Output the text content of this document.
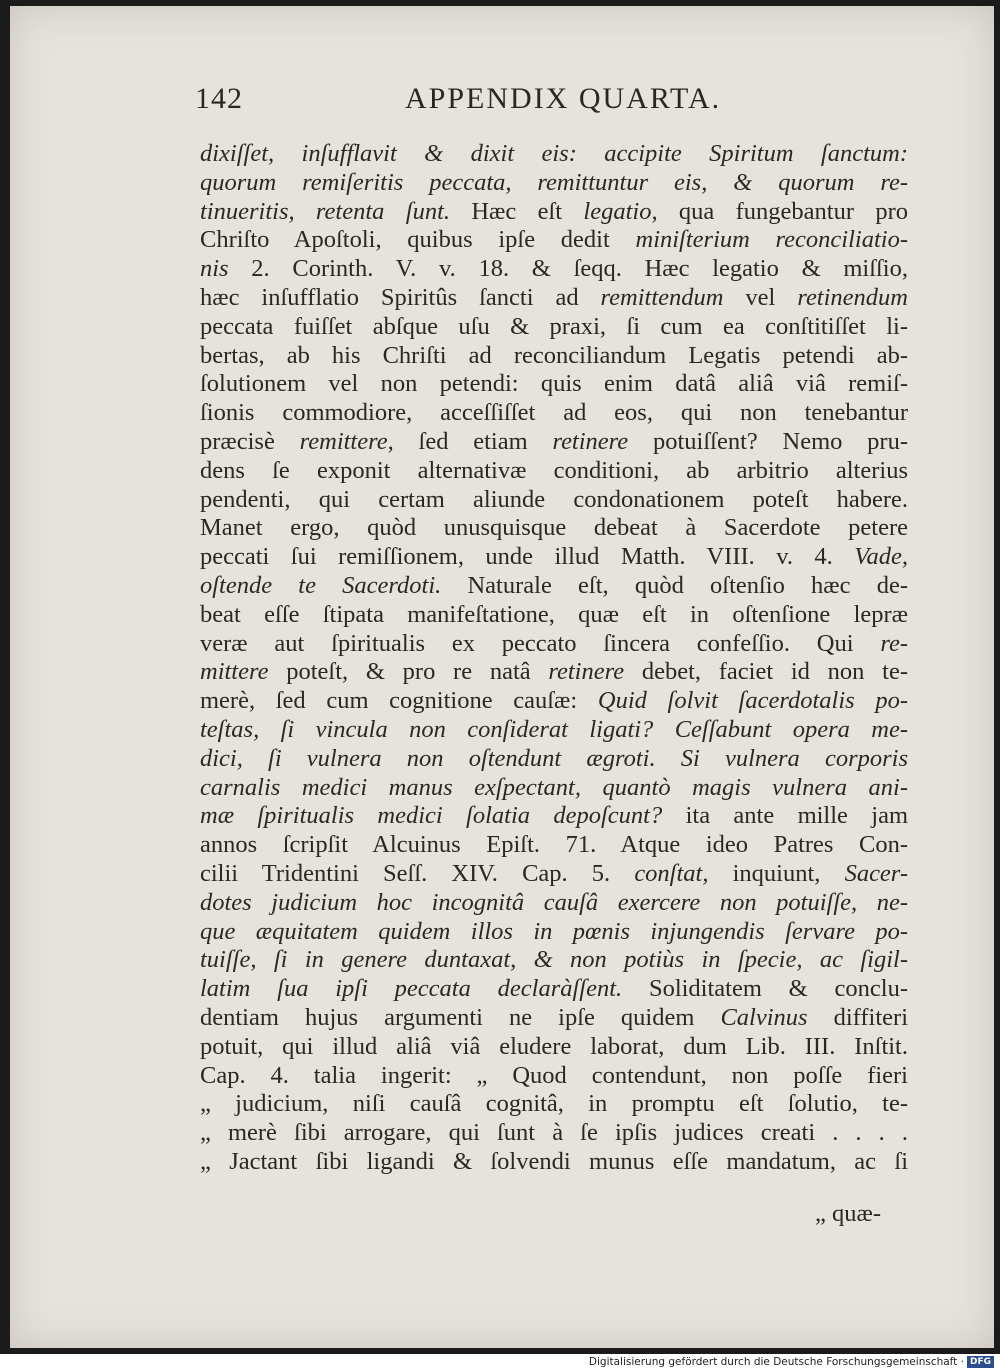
142	APPENDIX QUARTA.
dixiſſet, inſufflavit & dixit eis: accipite Spiritum ſanctum:
quorum remiſeritis peccata, remittuntur eis, & quorum re-
tinueritis, retenta ſunt. Hæc eſt legatio, qua fungebantur pro
Chriſto Apoſtoli, quibus ipſe dedit miniſterium reconciliatio-
nis 2. Corinth. V. v. 18. & ſeqq. Hæc legatio & miſſio,
hæc inſufflatio Spiritûs ſancti ad remittendum vel retinendum
peccata fuiſſet abſque uſu & praxi, ſi cum ea conſtitiſſet li-
bertas, ab his Chriſti ad reconciliandum Legatis petendi ab-
ſolutionem vel non petendi: quis enim datâ aliâ viâ remiſ-
ſionis commodiore, acceſſiſſet ad eos, qui non tenebantur
præcisè remittere, ſed etiam retinere potuiſſent? Nemo pru-
dens ſe exponit alternativæ conditioni, ab arbitrio alterius
pendenti, qui certam aliunde condonationem poteſt habere.
Manet ergo, quòd unusquisque debeat à Sacerdote petere
peccati ſui remiſſionem, unde illud Matth. VIII. v. 4. Vade,
oſtende te Sacerdoti. Naturale eſt, quòd oſtenſio hæc de-
beat eſſe ſtipata manifeſtatione, quæ eſt in oſtenſione lepræ
veræ aut ſpiritualis ex peccato ſincera confeſſio. Qui re-
mittere poteſt, & pro re natâ retinere debet, faciet id non te-
merè, ſed cum cognitione cauſæ: Quid ſolvit ſacerdotalis po-
teſtas, ſi vincula non conſiderat ligati? Ceſſabunt opera me-
dici, ſi vulnera non oſtendunt ægroti. Si vulnera corporis
carnalis medici manus exſpectant, quantò magis vulnera ani-
mæ ſpiritualis medici ſolatia depoſcunt? ita ante mille jam
annos ſcripſit Alcuinus Epiſt. 71. Atque ideo Patres Con-
cilii Tridentini Seſſ. XIV. Cap. 5. conſtat, inquiunt, Sacer-
dotes judicium hoc incognitâ cauſâ exercere non potuiſſe, ne-
que æquitatem quidem illos in pœnis injungendis ſervare po-
tuiſſe, ſi in genere duntaxat, & non potiùs in ſpecie, ac ſigil-
latim ſua ipſi peccata declaràſſent. Soliditatem & conclu-
dentiam hujus argumenti ne ipſe quidem Calvinus diffiteri
potuit, qui illud aliâ viâ eludere laborat, dum Lib. III. Inſtit.
Cap. 4. talia ingerit: „ Quod contendunt, non poſſe fieri
„ judicium, niſi cauſâ cognitâ, in promptu eſt ſolutio, te-
„ merè ſibi arrogare, qui ſunt à ſe ipſis judices creati . . . .
„ Jactant ſibi ligandi & ſolvendi munus eſſe mandatum, ac ſi
„ quæ-
Digitalisierung gefördert durch die Deutsche Forschungsgemeinschaft · DFG
